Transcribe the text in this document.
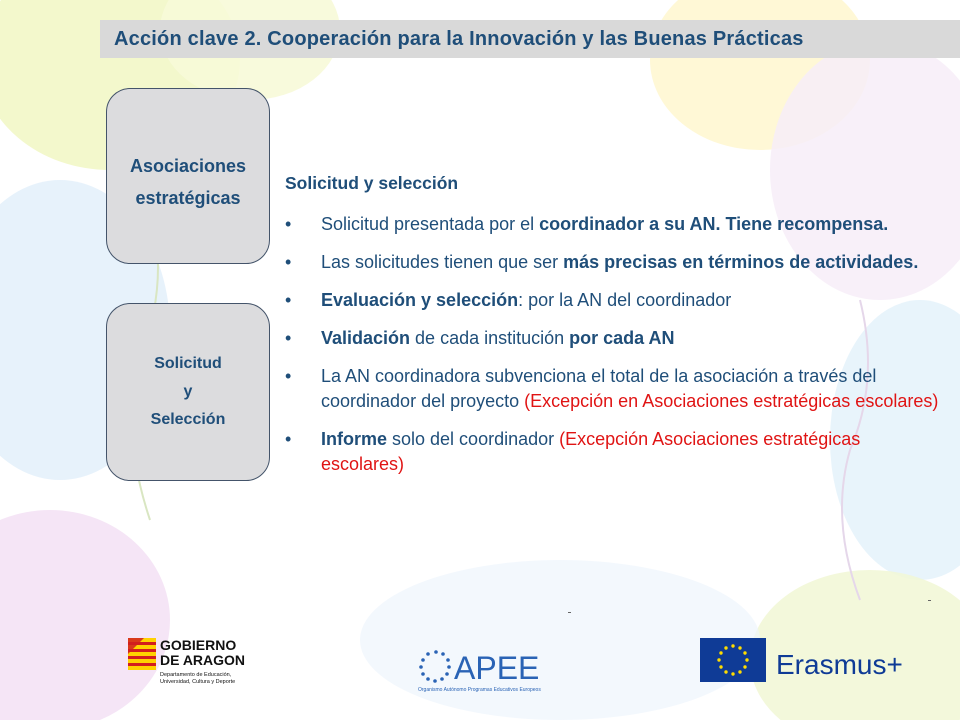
Acción clave 2. Cooperación para la Innovación y las Buenas Prácticas
Asociaciones
estratégicas
Solicitud
y
Selección
Solicitud y selección
• Solicitud presentada por el coordinador a su AN. Tiene recompensa.
• Las solicitudes tienen que ser más precisas en términos de actividades.
• Evaluación y selección: por la AN del coordinador
• Validación de cada institución por cada AN
• La AN coordinadora subvenciona el total de la asociación a través del coordinador del proyecto (Excepción en Asociaciones estratégicas escolares)
• Informe solo del coordinador (Excepción Asociaciones estratégicas escolares)
GOBIERNO
DE ARAGON
Departamento de Educación,
Universidad, Cultura y Deporte	APEE
Organismo Autónomo Programas Educativos Europeos
Erasmus+
